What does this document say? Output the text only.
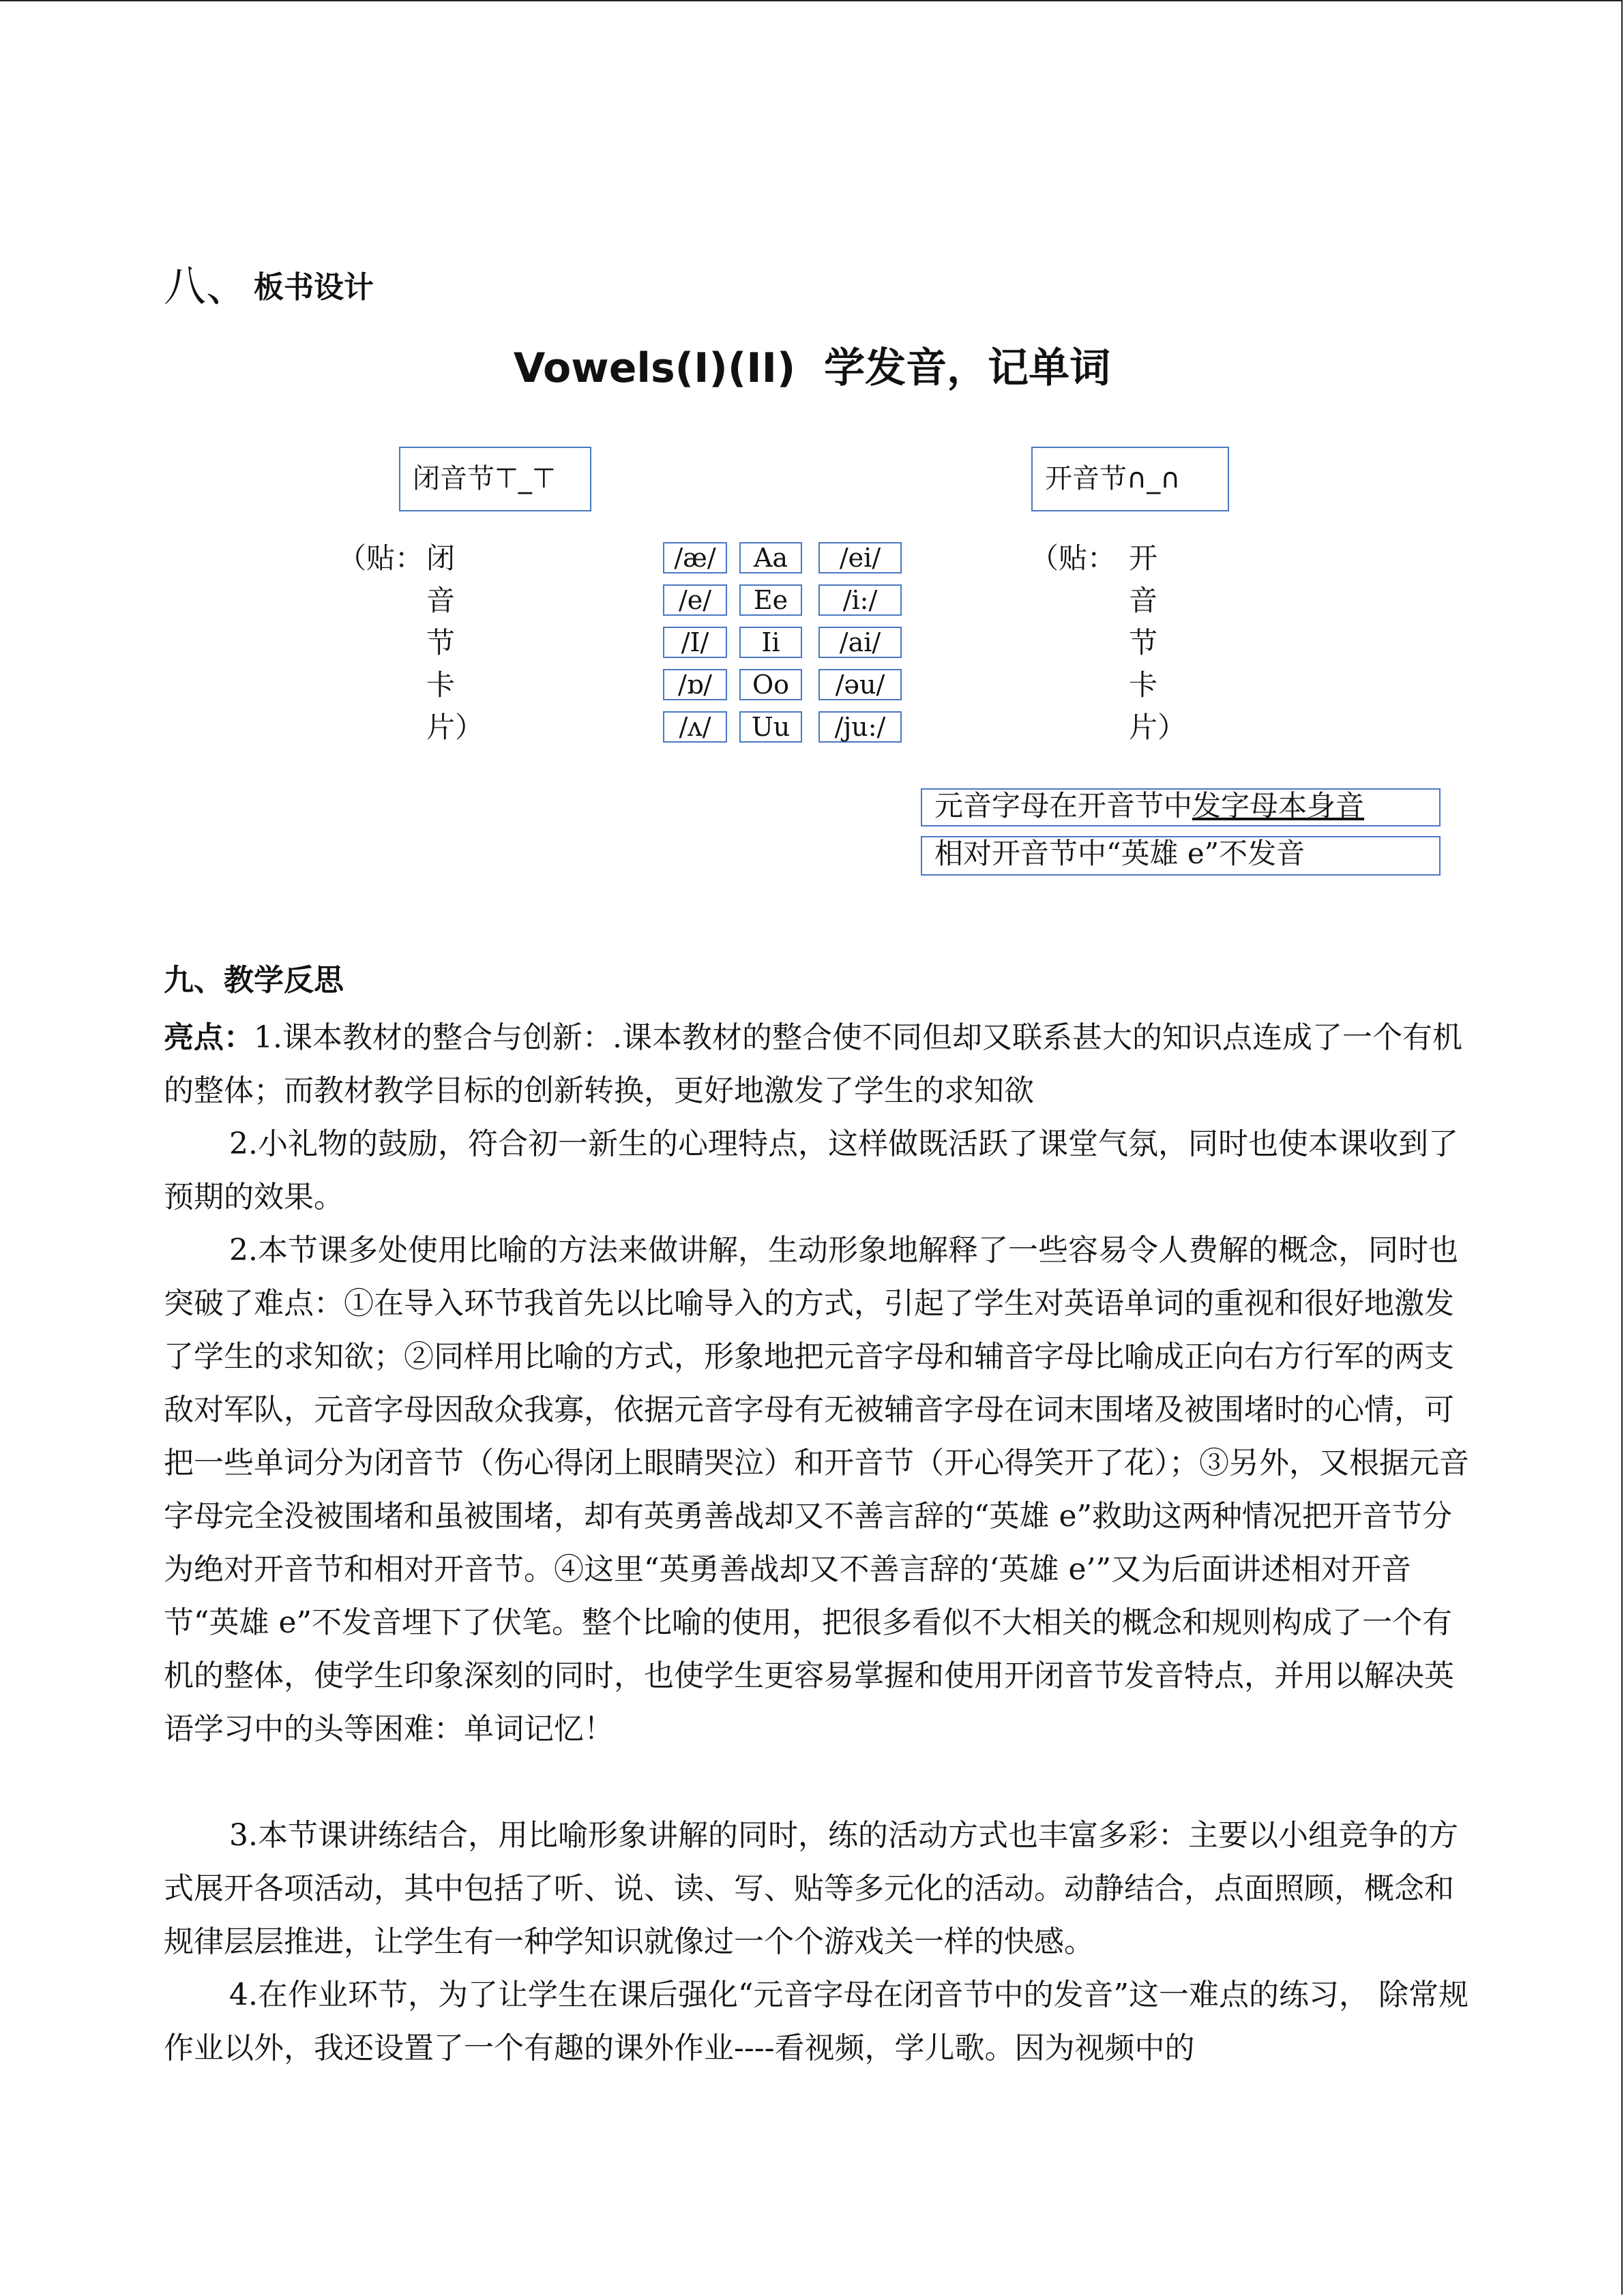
八、 板书设计
Vowels(I)(II) 学发音，记单词
闭音节⊤_⊤	开音节∩_∩
（贴： 闭
音
节
卡
片）
（贴： 开
音
节
卡
片）
/æ/	Aa	/ei/
/e/	Ee	/i:/
/I/	Ii	/ai/
/ɒ/	Oo	/əu/
/ʌ/	Uu	/ju:/
元音字母在开音节中发字母本身音
相对开音节中“英雄 e”不发音
九、教学反思
亮点：1.课本教材的整合与创新：.课本教材的整合使不同但却又联系甚大的知识点连成了一个有机的整体；而教材教学目标的创新转换，更好地激发了学生的求知欲
2.小礼物的鼓励，符合初一新生的心理特点，这样做既活跃了课堂气氛，同时也使本课收到了预期的效果。
2.本节课多处使用比喻的方法来做讲解，生动形象地解释了一些容易令人费解的概念，同时也突破了难点：①在导入环节我首先以比喻导入的方式，引起了学生对英语单词的重视和很好地激发了学生的求知欲；②同样用比喻的方式，形象地把元音字母和辅音字母比喻成正向右方行军的两支敌对军队，元音字母因敌众我寡，依据元音字母有无被辅音字母在词末围堵及被围堵时的心情，可把一些单词分为闭音节（伤心得闭上眼睛哭泣）和开音节（开心得笑开了花）；③另外，又根据元音字母完全没被围堵和虽被围堵，却有英勇善战却又不善言辞的“英雄 e”救助这两种情况把开音节分为绝对开音节和相对开音节。④这里“英勇善战却又不善言辞的‘英雄 e’”又为后面讲述相对开音节“英雄 e”不发音埋下了伏笔。整个比喻的使用，把很多看似不大相关的概念和规则构成了一个有机的整体，使学生印象深刻的同时，也使学生更容易掌握和使用开闭音节发音特点，并用以解决英语学习中的头等困难：单词记忆！
3.本节课讲练结合，用比喻形象讲解的同时，练的活动方式也丰富多彩：主要以小组竞争的方式展开各项活动，其中包括了听、说、读、写、贴等多元化的活动。动静结合，点面照顾，概念和规律层层推进，让学生有一种学知识就像过一个个游戏关一样的快感。
4.在作业环节，为了让学生在课后强化“元音字母在闭音节中的发音”这一难点的练习， 除常规作业以外，我还设置了一个有趣的课外作业----看视频，学儿歌。因为视频中的
